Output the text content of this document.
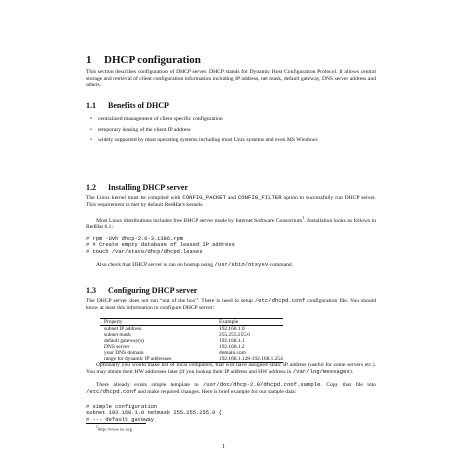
1 DHCP configuration
This section describes configuration of DHCP server. DHCP stands for Dynamic Host Configuration Protocol. It allows central storage and retrieval of client configuration information including IP address, net mask, default gateway, DNS server address and others.
1.1 Benefits of DHCP
• centralized management of client specific configuration
• temporary leasing of the client IP address
• widely supported by most operating systems including most Unix systems and even MS Windows
1.2 Installing DHCP server
The Linux kernel must be compiled with CONFIG_PACKET and CONFIG_FILTER option to successfully run DHCP server. This requirement is met by default RedHat's kernels.
Most Linux distributions includes free DHCP server made by Internet Software Consortium$^1$. Installation looks as follows in RedHat 6.1:
# rpm -Uvh dhcp-2.0-3.i386.rpm
# # Create empty database of leased IP address
# touch /var/state/dhcp/dhcpd.leases
Also check that DHCP server is ran on bootup using /usr/sbin/ntsysv command.
1.3 Configuring DHCP server
The DHCP server does not run “out of the box”. There is need to setup /etc/dhcpd.conf configuration file. You should know at least this information to configure DHCP server:
Property	Example
subnet IP address	192.168.1.0
subnet mask	255.255.255.0
default gateway(s)	192.168.1.1
DNS server	192.168.1.2
your DNS domain	domain.com
range for dynamic IP addresses	192.168.1.128-192.168.1.254
Optionally you would make list of local computers, that will have assigned static IP address (useful for some servers etc.). You may obtain their HW addresses later (if you lookup their IP address and HW address in /var/log/messages).
There already exists simple template in /usr/doc/dhcp-2.0/dhcpd.conf.sample. Copy that file into /etc/dhcpd.conf and make required changes. Here is brief example for our sample data:
# simple configuration
subnet 192.168.1.0 netmask 255.255.255.0 {
# --- default gateway
$^1$http://www.isc.org
1
